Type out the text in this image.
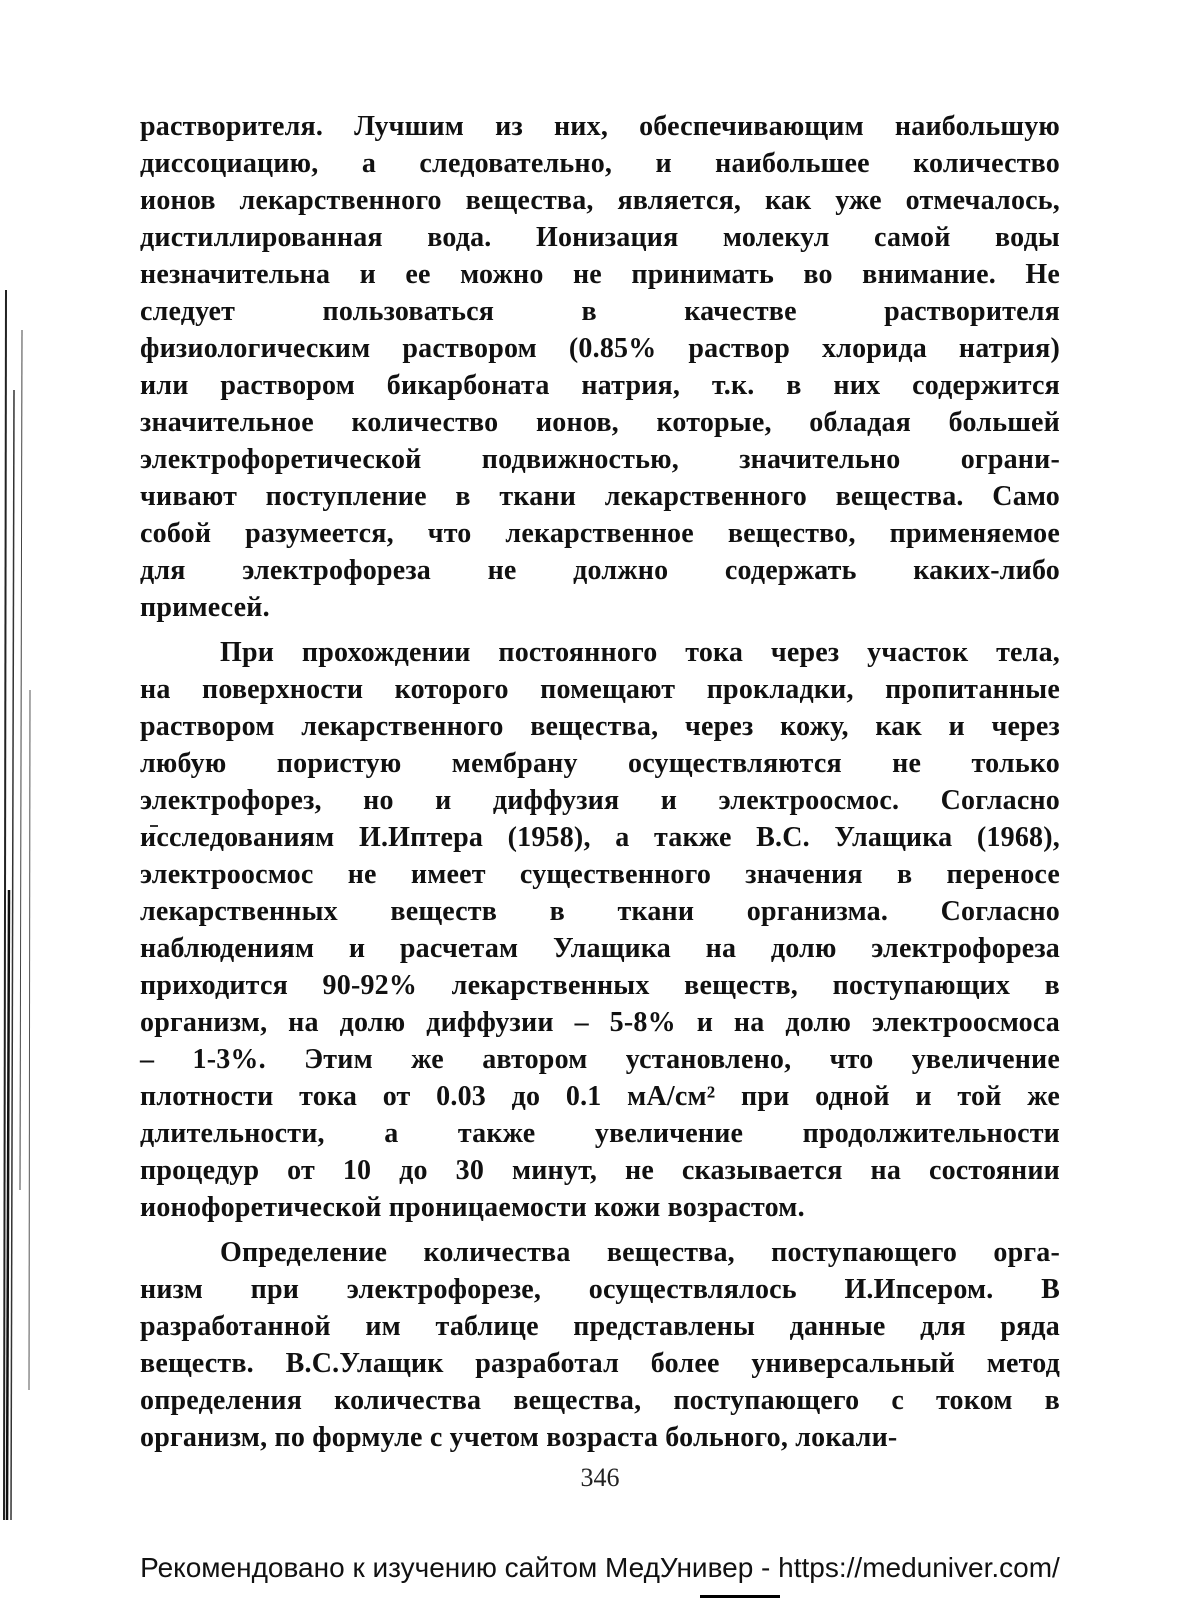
растворителя. Лучшим из них, обеспечивающим наибольшую
диссоциацию, а следовательно, и наибольшее количество
ионов лекарственного вещества, является, как уже отмечалось,
дистиллированная вода. Ионизация молекул самой воды
незначительна и ее можно не принимать во внимание. Не
следует пользоваться в качестве растворителя
физиологическим раствором (0.85% раствор хлорида натрия)
или раствором бикарбоната натрия, т.к. в них содержится
значительное количество ионов, которые, обладая большей
электрофоретической подвижностью, значительно ограни-
чивают поступление в ткани лекарственного вещества. Само
собой разумеется, что лекарственное вещество, применяемое
для электрофореза не должно содержать каких-либо
примесей.
При прохождении постоянного тока через участок тела,
на поверхности которого помещают прокладки, пропитанные
раствором лекарственного вещества, через кожу, как и через
любую пористую мембрану осуществляются не только
электрофорез, но и диффузия и электроосмос. Согласно
исследованиям И.Иптера (1958), а также В.С. Улащика (1968),
электроосмос не имеет существенного значения в переносе
лекарственных веществ в ткани организма. Согласно
наблюдениям и расчетам Улащика на долю электрофореза
приходится 90-92% лекарственных веществ, поступающих в
организм, на долю диффузии – 5-8% и на долю электроосмоса
– 1-3%. Этим же автором установлено, что увеличение
плотности тока от 0.03 до 0.1 мА/см² при одной и той же
длительности, а также увеличение продолжительности
процедур от 10 до 30 минут, не сказывается на состоянии
ионофоретической проницаемости кожи возрастом.
Определение количества вещества, поступающего орга-
низм при электрофорезе, осуществлялось И.Ипсером. В
разработанной им таблице представлены данные для ряда
веществ. В.С.Улащик разработал более универсальный метод
определения количества вещества, поступающего с током в
организм, по формуле с учетом возраста больного, локали-
346
Рекомендовано к изучению сайтом МедУнивер - https://meduniver.com/
